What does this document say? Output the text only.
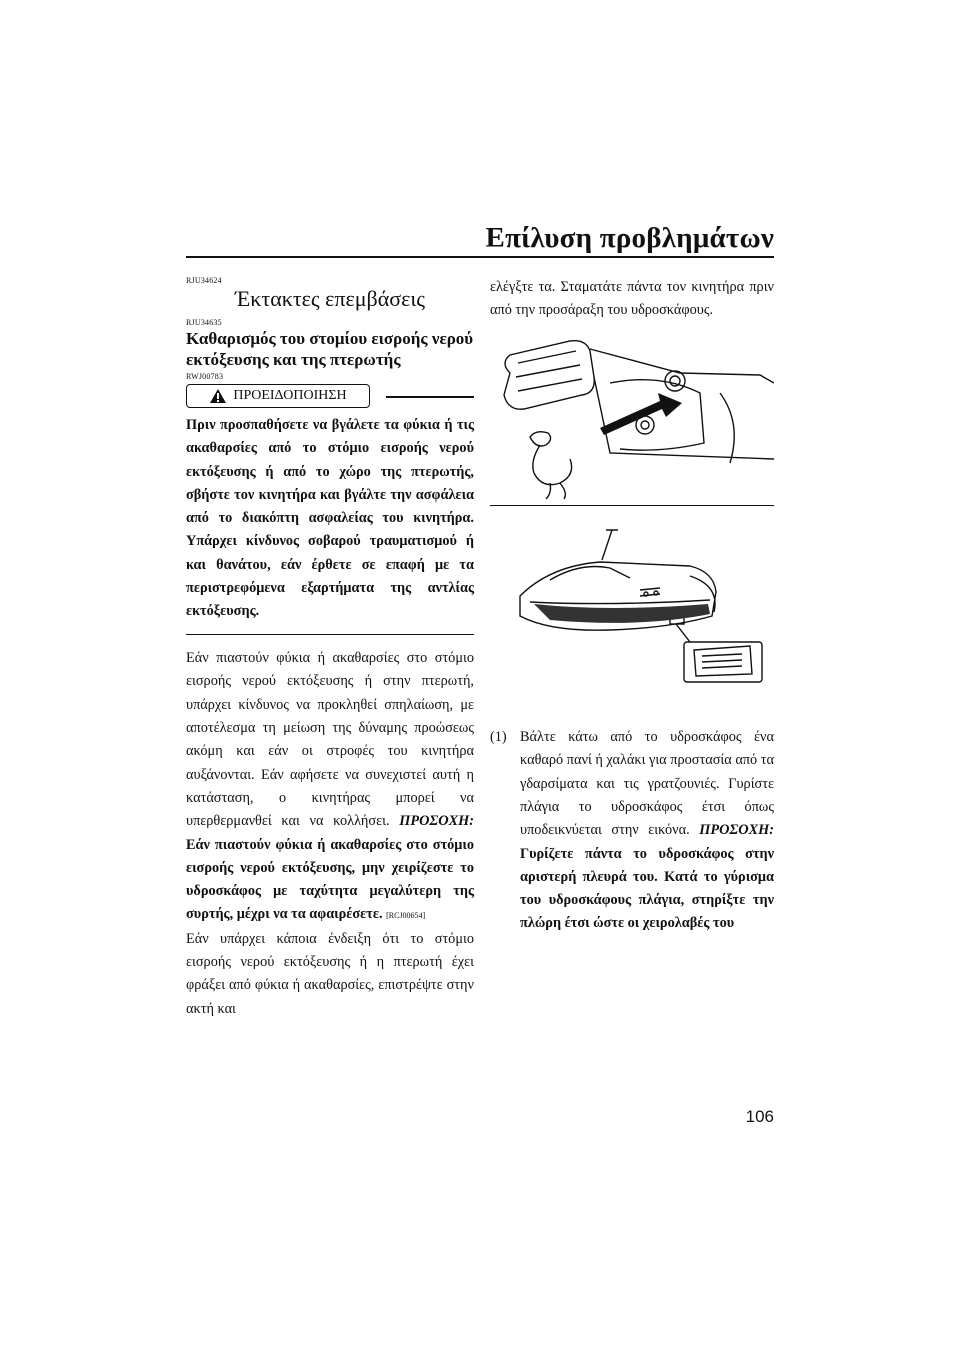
Επίλυση προβλημάτων
RJU34624
Έκτακτες επεμβάσεις
RJU34635
Καθαρισμός του στομίου εισροής νερού εκτόξευσης και της πτερωτής
RWJ00783
ΠΡΟΕΙΔΟΠΟΙΗΣΗ

Πριν προσπαθήσετε να βγάλετε τα φύκια ή τις ακαθαρσίες από το στόμιο εισροής νερού εκτόξευσης ή από το χώρο της πτερωτής, σβήστε τον κινητήρα και βγάλτε την ασφάλεια από το διακόπτη ασφαλείας του κινητήρα. Υπάρχει κίνδυνος σοβαρού τραυματισμού ή και θανάτου, εάν έρθετε σε επαφή με τα περιστρεφόμενα εξαρτήματα της αντλίας εκτόξευσης.

Εάν πιαστούν φύκια ή ακαθαρσίες στο στόμιο εισροής νερού εκτόξευσης ή στην πτερωτή, υπάρχει κίνδυνος να προκληθεί σπηλαίωση, με αποτέλεσμα τη μείωση της δύναμης προώσεως ακόμη και εάν οι στροφές του κινητήρα αυξάνονται. Εάν αφήσετε να συνεχιστεί αυτή η κατάσταση, ο κινητήρας μπορεί να υπερθερμανθεί και να κολλήσει. ΠΡΟΣΟΧΗ: Εάν πιαστούν φύκια ή ακαθαρσίες στο στόμιο εισροής νερού εκτόξευσης, μην χειρίζεστε το υδροσκάφος με ταχύτητα μεγαλύτερη της συρτής, μέχρι να τα αφαιρέσετε. [RCJ00654]

Εάν υπάρχει κάποια ένδειξη ότι το στόμιο εισροής νερού εκτόξευσης ή η πτερωτή έχει φράξει από φύκια ή ακαθαρσίες, επιστρέψτε στην ακτή και

ελέγξτε τα. Σταματάτε πάντα τον κινητήρα πριν από την προσάραξη του υδροσκάφους.

(1) Βάλτε κάτω από το υδροσκάφος ένα καθαρό πανί ή χαλάκι για προστασία από τα γδαρσίματα και τις γρατζουνιές. Γυρίστε πλάγια το υδροσκάφος έτσι όπως υποδεικνύεται στην εικόνα. ΠΡΟΣΟΧΗ: Γυρίζετε πάντα το υδροσκάφος στην αριστερή πλευρά του. Κατά το γύρισμα του υδροσκάφους πλάγια, στηρίξτε την πλώρη έτσι ώστε οι χειρολαβές του
106
